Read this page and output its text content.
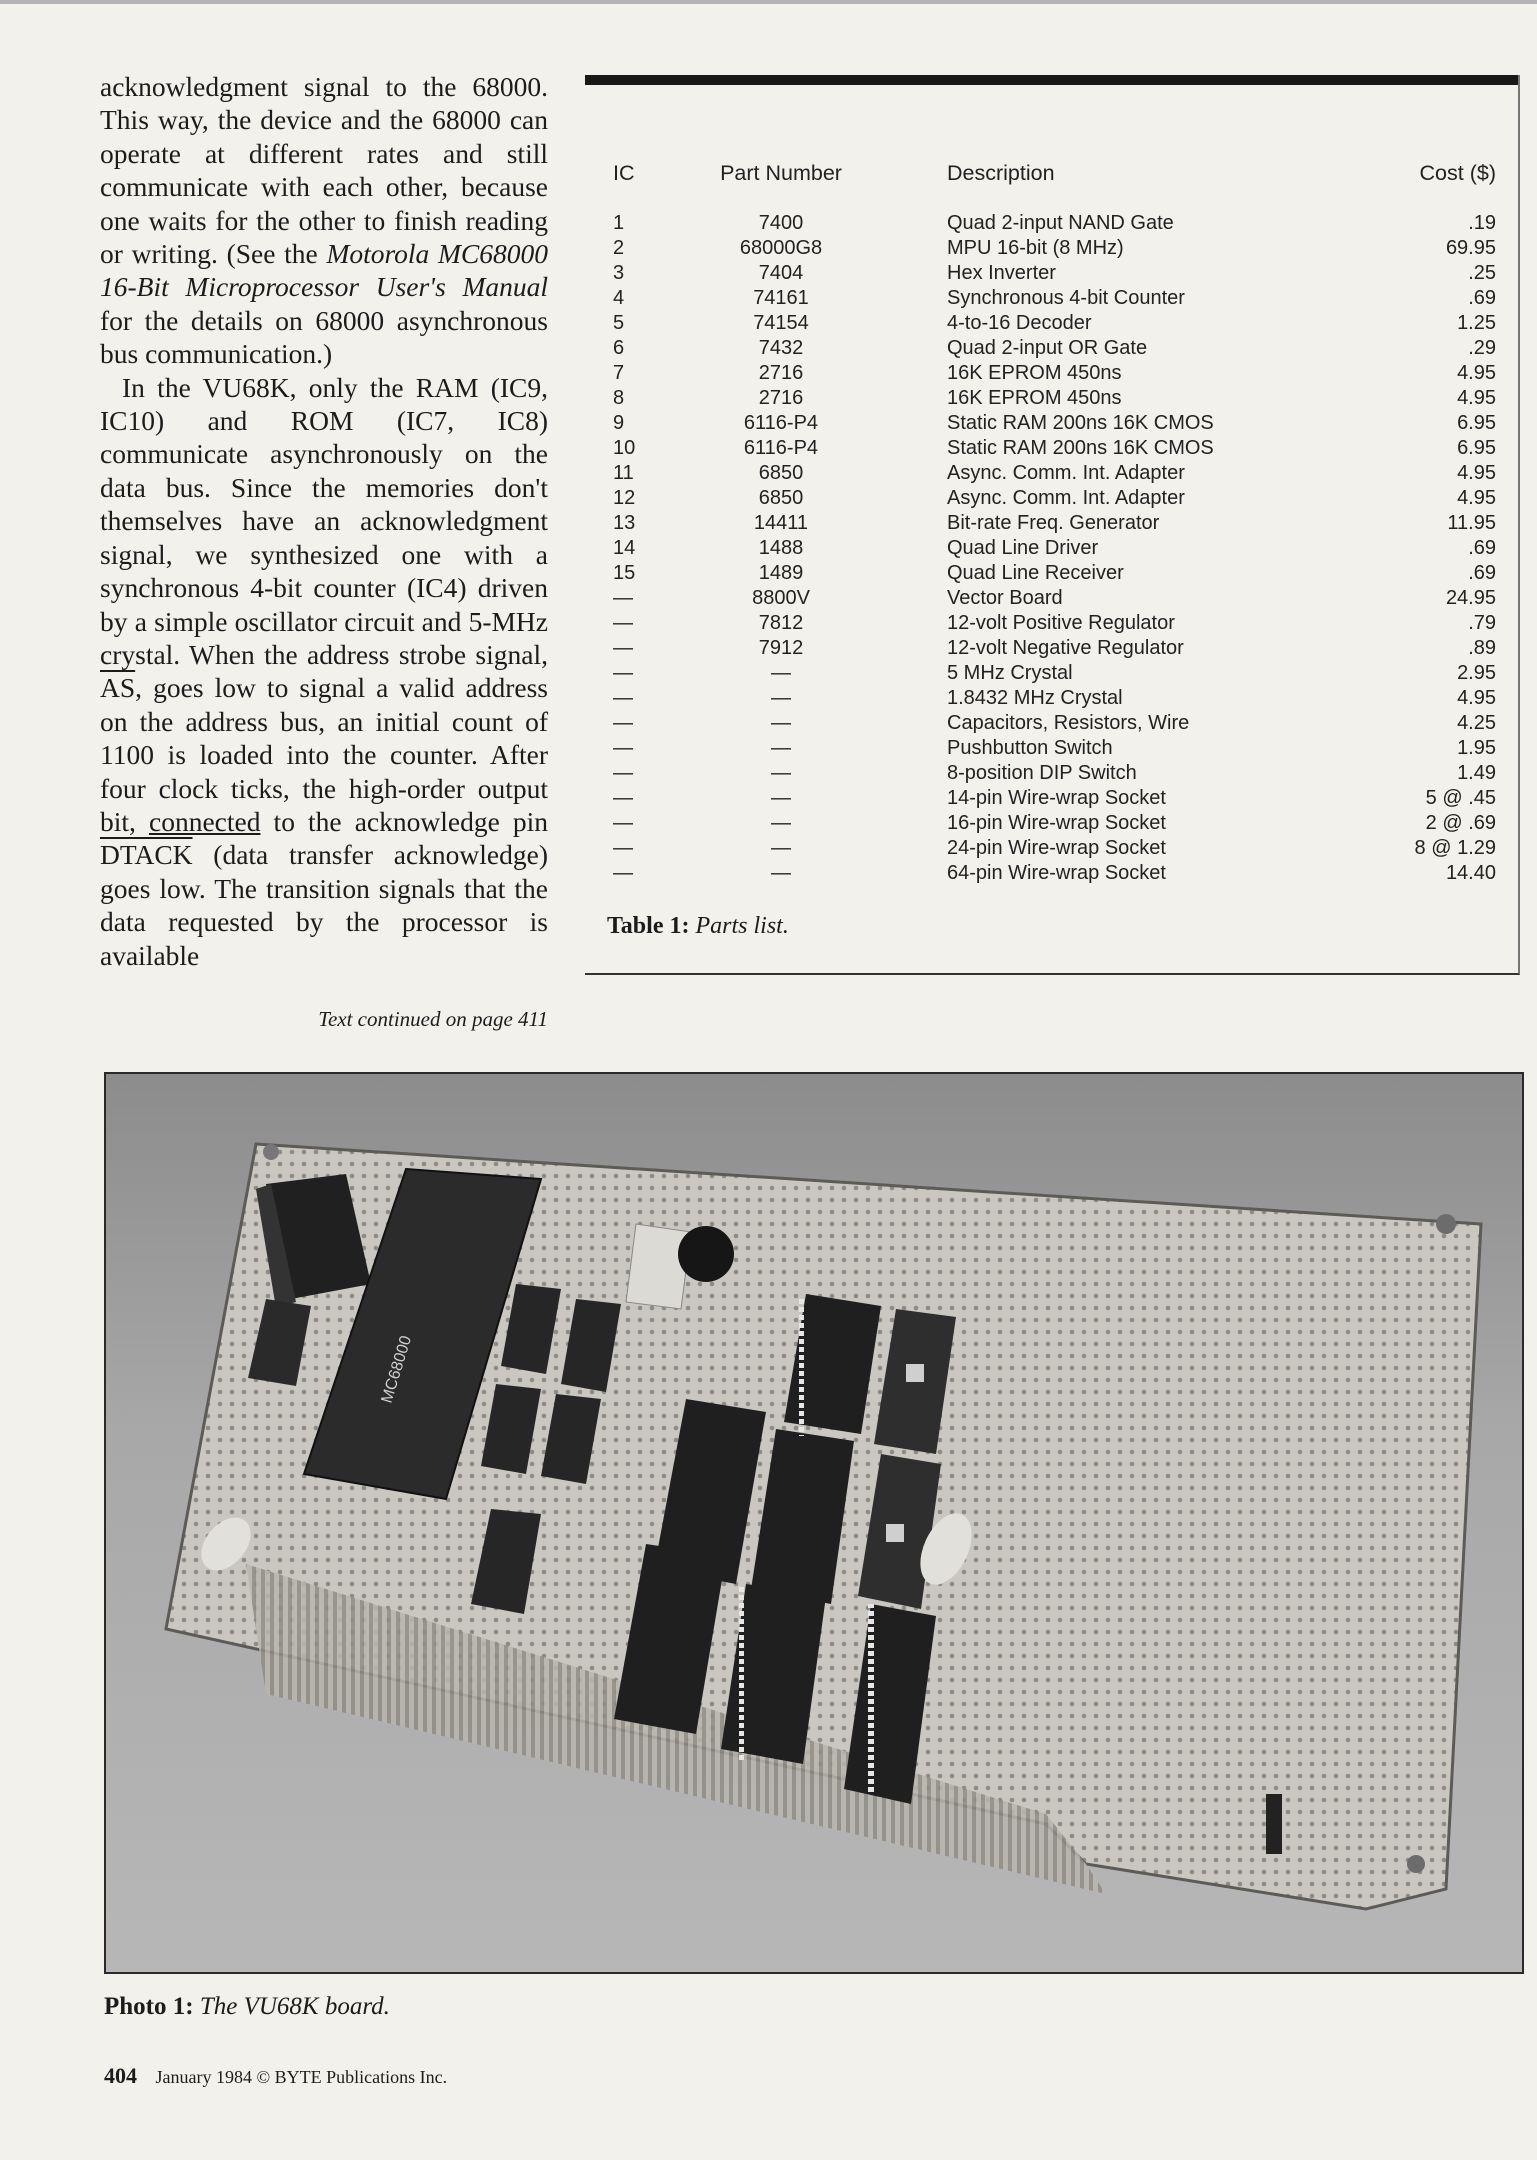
acknowledgment signal to the 68000. This way, the device and the 68000 can operate at different rates and still communicate with each other, because one waits for the other to finish reading or writing. (See the Motorola MC68000 16-Bit Microprocessor User's Manual for the details on 68000 asynchronous bus communication.)

In the VU68K, only the RAM (IC9, IC10) and ROM (IC7, IC8) communicate asynchronously on the data bus. Since the memories don't themselves have an acknowledgment signal, we synthesized one with a synchronous 4-bit counter (IC4) driven by a simple oscillator circuit and 5-MHz crystal. When the address strobe signal, $\overline{AS}$, goes low to signal a valid address on the address bus, an initial count of 1100 is loaded into the counter. After four clock ticks, the high-order output bit, connected to the acknowledge pin DTACK (data transfer acknowledge) goes low. The transition signals that the data requested by the processor is available

Text continued on page 411
IC	Part Number	Description	Cost ($)
1	7400	Quad 2-input NAND Gate	.19
2	68000G8	MPU 16-bit (8 MHz)	69.95
3	7404	Hex Inverter	.25
4	74161	Synchronous 4-bit Counter	.69
5	74154	4-to-16 Decoder	1.25
6	7432	Quad 2-input OR Gate	.29
7	2716	16K EPROM 450ns	4.95
8	2716	16K EPROM 450ns	4.95
9	6116-P4	Static RAM 200ns 16K CMOS	6.95
10	6116-P4	Static RAM 200ns 16K CMOS	6.95
11	6850	Async. Comm. Int. Adapter	4.95
12	6850	Async. Comm. Int. Adapter	4.95
13	14411	Bit-rate Freq. Generator	11.95
14	1488	Quad Line Driver	.69
15	1489	Quad Line Receiver	.69
—	8800V	Vector Board	24.95
—	7812	12-volt Positive Regulator	.79
—	7912	12-volt Negative Regulator	.89
—	—	5 MHz Crystal	2.95
—	—	1.8432 MHz Crystal	4.95
—	—	Capacitors, Resistors, Wire	4.25
—	—	Pushbutton Switch	1.95
—	—	8-position DIP Switch	1.49
—	—	14-pin Wire-wrap Socket	5 @ .45
—	—	16-pin Wire-wrap Socket	2 @ .69
—	—	24-pin Wire-wrap Socket	8 @ 1.29
—	—	64-pin Wire-wrap Socket	14.40
Table 1: Parts list.
MC68000
Photo 1: The VU68K board.
404 January 1984 © BYTE Publications Inc.
